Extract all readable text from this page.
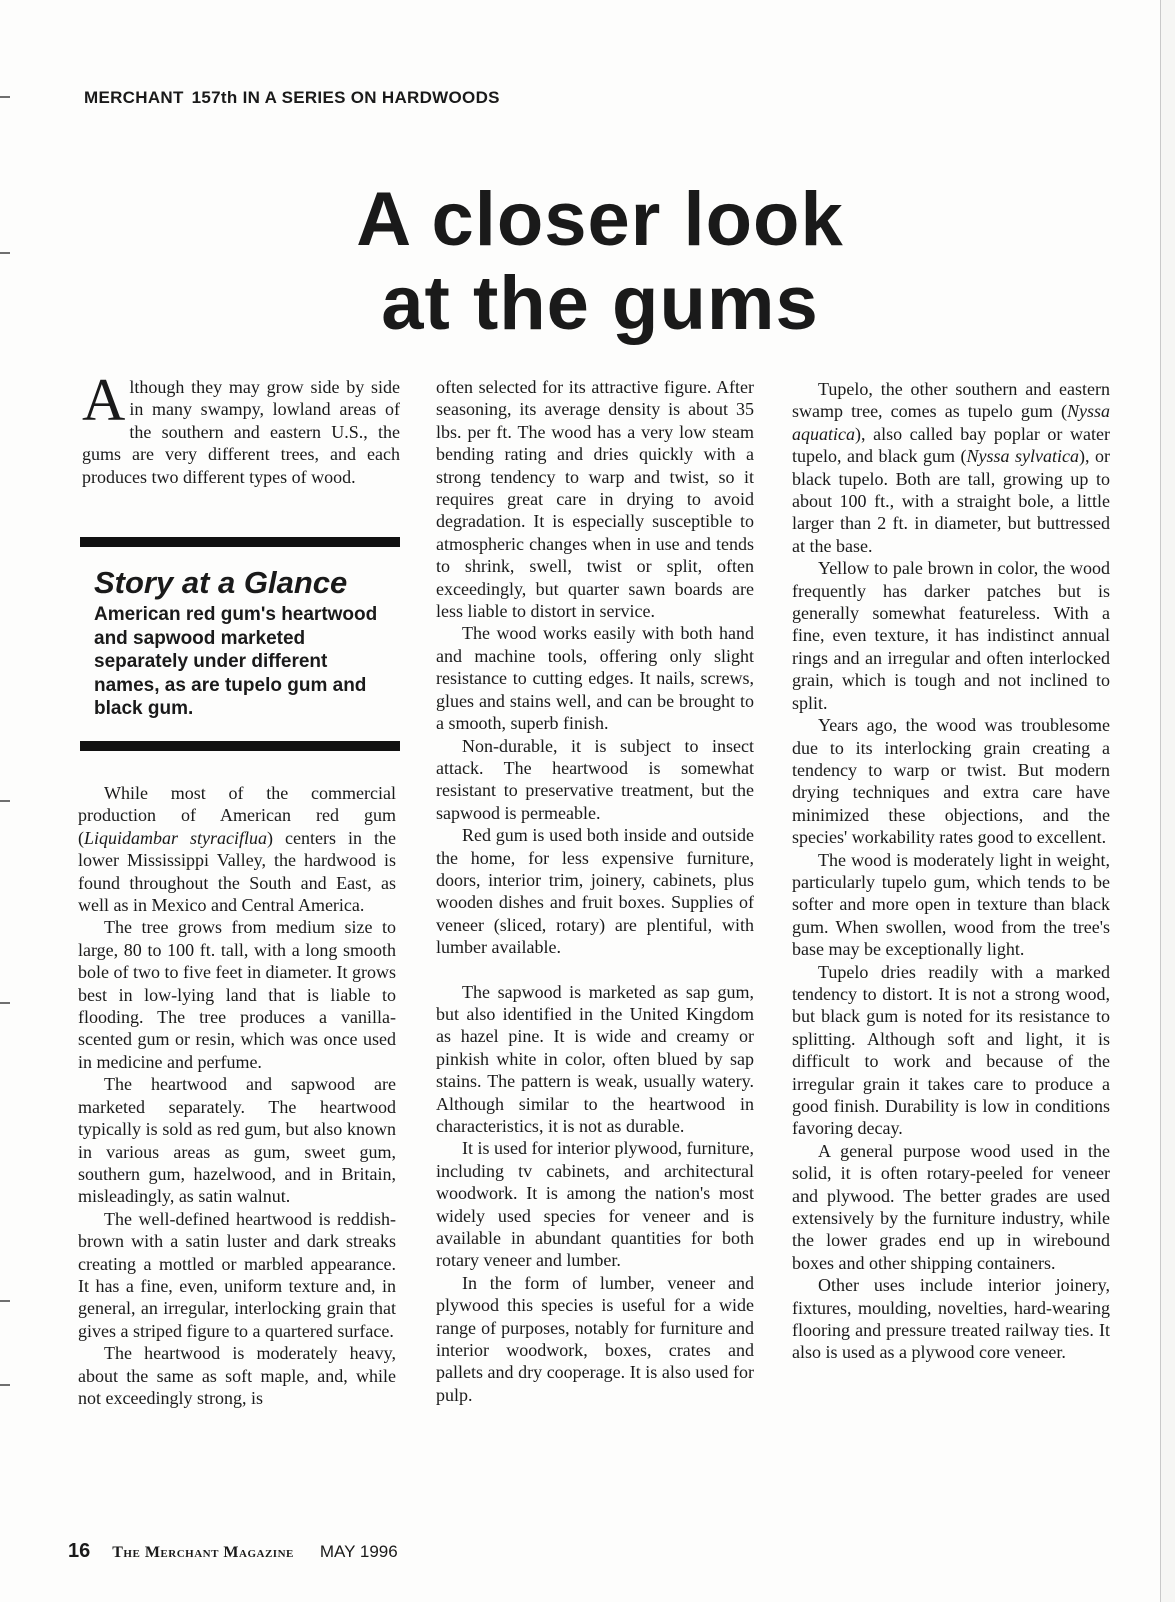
MERCHANT 157th IN A SERIES ON HARDWOODS
A closer look
at the gums

Although they may grow side by side in many swampy, lowland areas of the southern and eastern U.S., the gums are very different trees, and each produces two different types of wood.

Story at a Glance

American red gum's heartwood and sapwood marketed separately under different names, as are tupelo gum and black gum.

While most of the commercial production of American red gum (Liquidambar styraciflua) centers in the lower Mississippi Valley, the hardwood is found throughout the South and East, as well as in Mexico and Central America.

The tree grows from medium size to large, 80 to 100 ft. tall, with a long smooth bole of two to five feet in diameter. It grows best in low-lying land that is liable to flooding. The tree produces a vanilla-scented gum or resin, which was once used in medicine and perfume.

The heartwood and sapwood are marketed separately. The heartwood typically is sold as red gum, but also known in various areas as gum, sweet gum, southern gum, hazelwood, and in Britain, misleadingly, as satin walnut.

The well-defined heartwood is reddish-brown with a satin luster and dark streaks creating a mottled or marbled appearance. It has a fine, even, uniform texture and, in general, an irregular, interlocking grain that gives a striped figure to a quartered surface.

The heartwood is moderately heavy, about the same as soft maple, and, while not exceedingly strong, is

often selected for its attractive figure. After seasoning, its average density is about 35 lbs. per ft. The wood has a very low steam bending rating and dries quickly with a strong tendency to warp and twist, so it requires great care in drying to avoid degradation. It is especially susceptible to atmospheric changes when in use and tends to shrink, swell, twist or split, often exceedingly, but quarter sawn boards are less liable to distort in service.

The wood works easily with both hand and machine tools, offering only slight resistance to cutting edges. It nails, screws, glues and stains well, and can be brought to a smooth, superb finish.

Non-durable, it is subject to insect attack. The heartwood is somewhat resistant to preservative treatment, but the sapwood is permeable.

Red gum is used both inside and outside the home, for less expensive furniture, doors, interior trim, joinery, cabinets, plus wooden dishes and fruit boxes. Supplies of veneer (sliced, rotary) are plentiful, with lumber available.

The sapwood is marketed as sap gum, but also identified in the United Kingdom as hazel pine. It is wide and creamy or pinkish white in color, often blued by sap stains. The pattern is weak, usually watery. Although similar to the heartwood in characteristics, it is not as durable.

It is used for interior plywood, furniture, including tv cabinets, and architectural woodwork. It is among the nation's most widely used species for veneer and is available in abundant quantities for both rotary veneer and lumber.

In the form of lumber, veneer and plywood this species is useful for a wide range of purposes, notably for furniture and interior woodwork, boxes, crates and pallets and dry cooperage. It is also used for pulp.

Tupelo, the other southern and eastern swamp tree, comes as tupelo gum (Nyssa aquatica), also called bay poplar or water tupelo, and black gum (Nyssa sylvatica), or black tupelo. Both are tall, growing up to about 100 ft., with a straight bole, a little larger than 2 ft. in diameter, but buttressed at the base.

Yellow to pale brown in color, the wood frequently has darker patches but is generally somewhat featureless. With a fine, even texture, it has indistinct annual rings and an irregular and often interlocked grain, which is tough and not inclined to split.

Years ago, the wood was troublesome due to its interlocking grain creating a tendency to warp or twist. But modern drying techniques and extra care have minimized these objections, and the species' workability rates good to excellent.

The wood is moderately light in weight, particularly tupelo gum, which tends to be softer and more open in texture than black gum. When swollen, wood from the tree's base may be exceptionally light.

Tupelo dries readily with a marked tendency to distort. It is not a strong wood, but black gum is noted for its resistance to splitting. Although soft and light, it is difficult to work and because of the irregular grain it takes care to produce a good finish. Durability is low in conditions favoring decay.

A general purpose wood used in the solid, it is often rotary-peeled for veneer and plywood. The better grades are used extensively by the furniture industry, while the lower grades end up in wirebound boxes and other shipping containers.

Other uses include interior joinery, fixtures, moulding, novelties, hard-wearing flooring and pressure treated railway ties. It also is used as a plywood core veneer.

16 The Merchant Magazine MAY 1996
